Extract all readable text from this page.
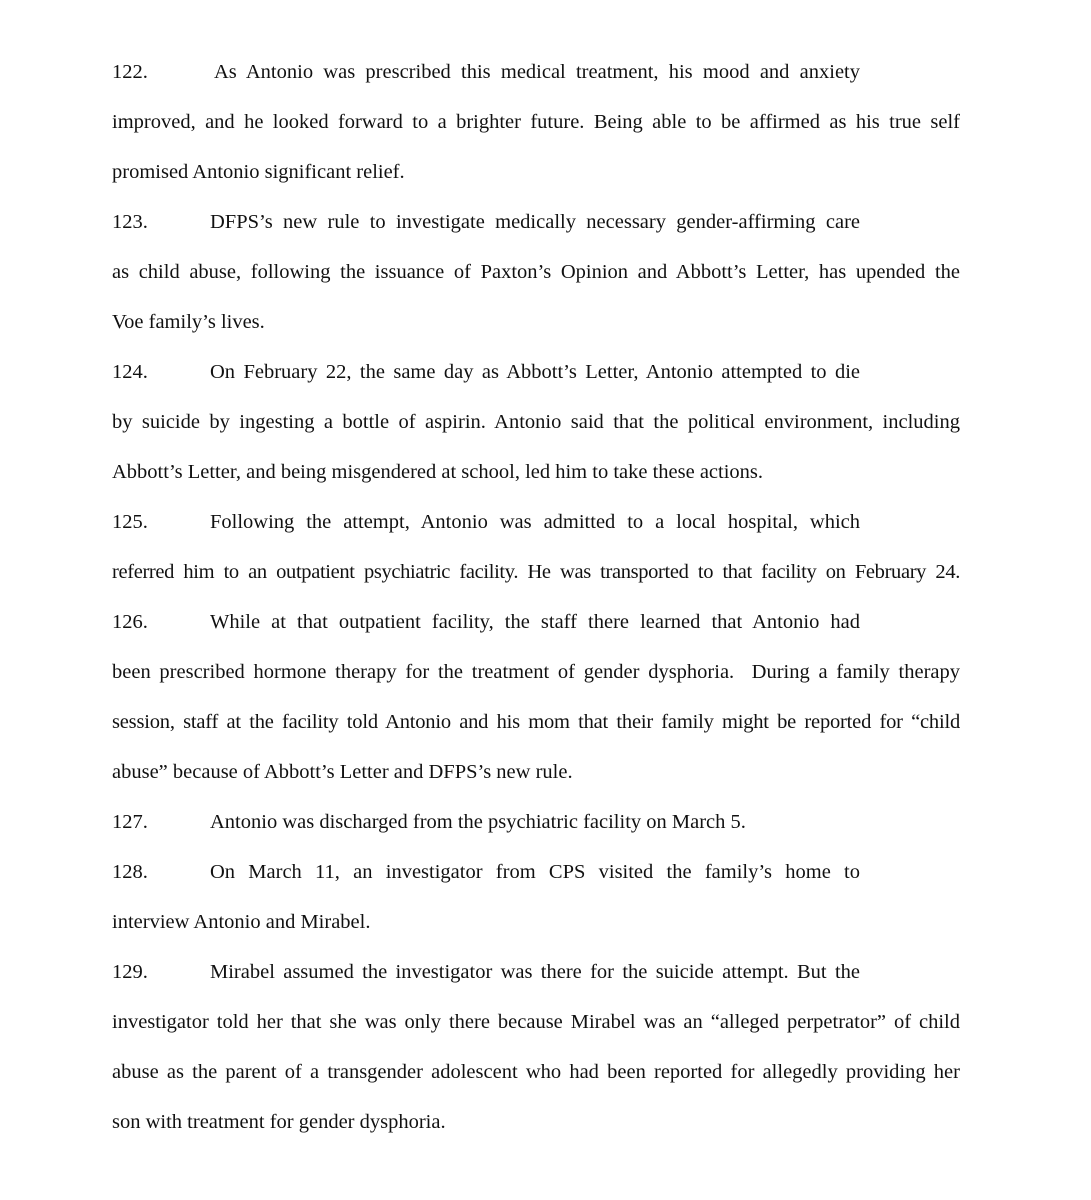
122.	As Antonio was prescribed this medical treatment, his mood and anxiety
improved, and he looked forward to a brighter future. Being able to be affirmed as his true self
promised Antonio significant relief.
123.	DFPS’s new rule to investigate medically necessary gender-affirming care
as child abuse, following the issuance of Paxton’s Opinion and Abbott’s Letter, has upended the
Voe family’s lives.
124.	On February 22, the same day as Abbott’s Letter, Antonio attempted to die
by suicide by ingesting a bottle of aspirin. Antonio said that the political environment, including
Abbott’s Letter, and being misgendered at school, led him to take these actions.
125.	Following the attempt, Antonio was admitted to a local hospital, which
referred him to an outpatient psychiatric facility. He was transported to that facility on February 24.
126.	While at that outpatient facility, the staff there learned that Antonio had
been prescribed hormone therapy for the treatment of gender dysphoria.  During a family therapy
session, staff at the facility told Antonio and his mom that their family might be reported for “child
abuse” because of Abbott’s Letter and DFPS’s new rule.
127.	Antonio was discharged from the psychiatric facility on March 5.
128.	On March 11, an investigator from CPS visited the family’s home to
interview Antonio and Mirabel.
129.	Mirabel assumed the investigator was there for the suicide attempt. But the
investigator told her that she was only there because Mirabel was an “alleged perpetrator” of child
abuse as the parent of a transgender adolescent who had been reported for allegedly providing her
son with treatment for gender dysphoria.
